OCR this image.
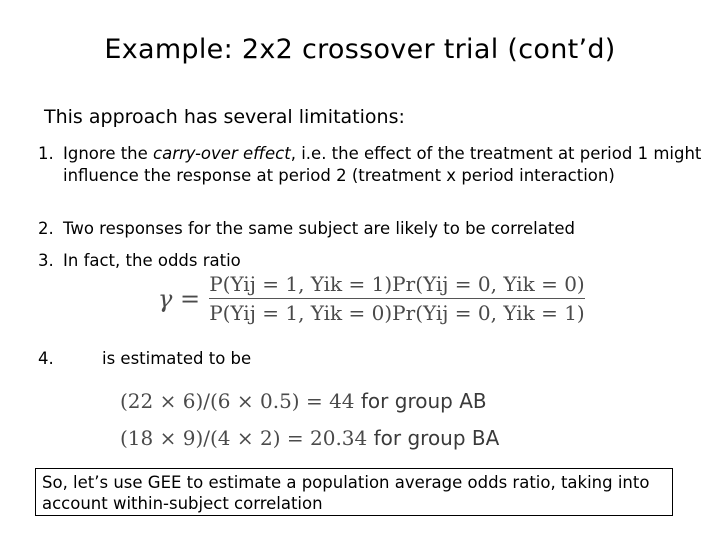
Example: 2x2 crossover trial (cont’d)
This approach has several limitations:
1. Ignore the carry-over effect, i.e. the effect of the treatment at period 1 might influence the response at period 2 (treatment x period interaction)
2. Two responses for the same subject are likely to be correlated
3. In fact, the odds ratio
$\gamma = \frac{\text{P(Yij = 1, Yik = 1)Pr(Yij = 0, Yik = 0)}}{\text{P(Yij = 1, Yik = 0)Pr(Yij = 0, Yik = 1)}}$
4.	is estimated to be
(22 × 6)/(6 × 0.5) = 44 for group AB
(18 × 9)/(4 × 2) = 20.34 for group BA
So, let’s use GEE to estimate a population average odds ratio, taking into account within-subject correlation
